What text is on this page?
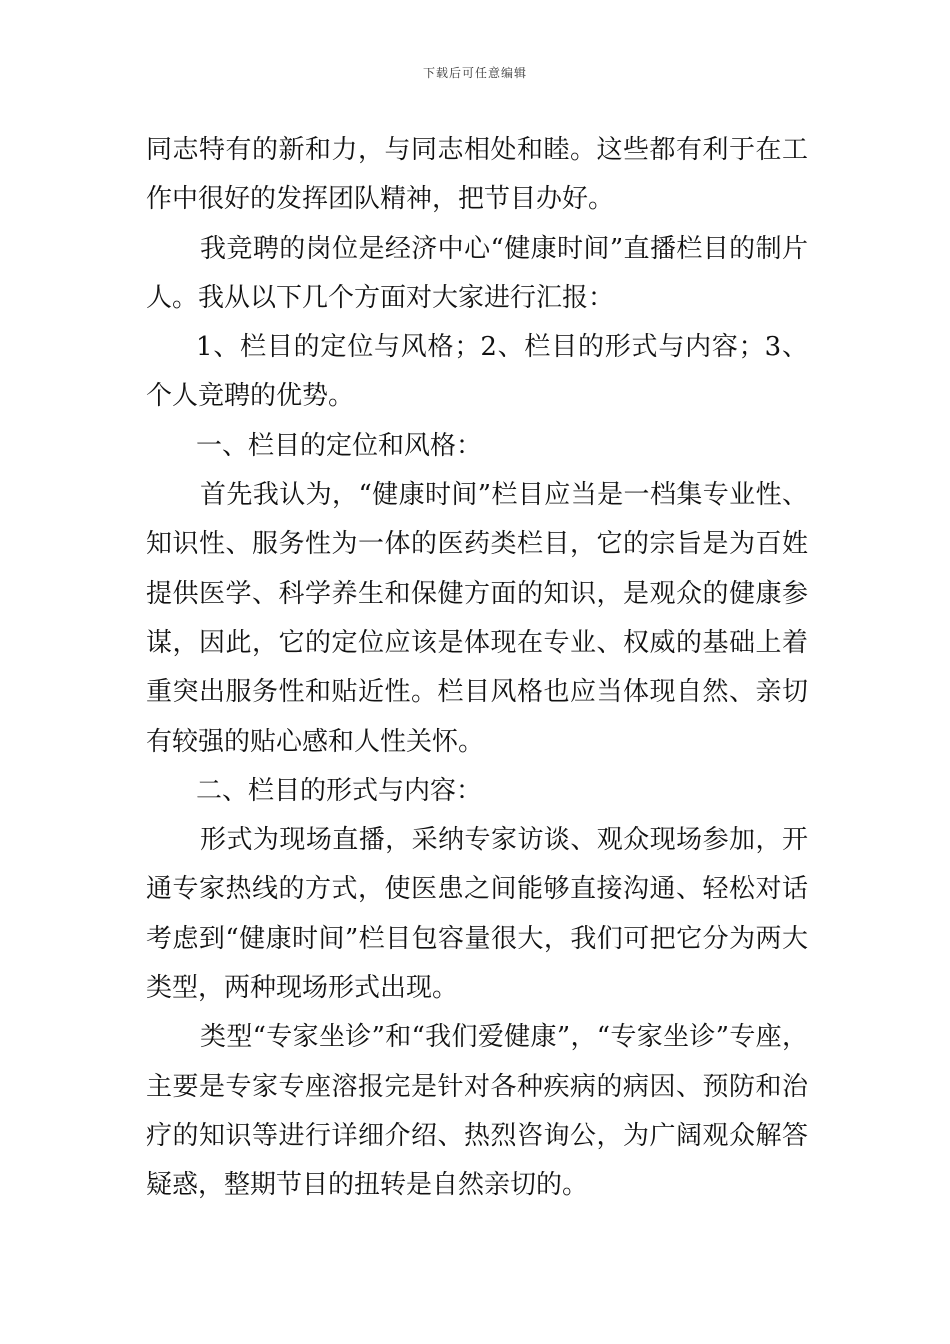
下载后可任意编辑

同志特有的新和力，与同志相处和睦。这些都有利于在工作中很好的发挥团队精神，把节目办好。

我竞聘的岗位是经济中心“健康时间”直播栏目的制片人。我从以下几个方面对大家进行汇报：

1、栏目的定位与风格；2、栏目的形式与内容；3、个人竞聘的优势。

一、栏目的定位和风格：

首先我认为，“健康时间”栏目应当是一档集专业性、知识性、服务性为一体的医药类栏目，它的宗旨是为百姓提供医学、科学养生和保健方面的知识，是观众的健康参谋，因此，它的定位应该是体现在专业、权威的基础上着重突出服务性和贴近性。栏目风格也应当体现自然、亲切有较强的贴心感和人性关怀。

二、栏目的形式与内容：

形式为现场直播，采纳专家访谈、观众现场参加，开通专家热线的方式，使医患之间能够直接沟通、轻松对话考虑到“健康时间”栏目包容量很大，我们可把它分为两大类型，两种现场形式出现。

类型“专家坐诊”和“我们爱健康”，“专家坐诊”专座，主要是专家专座溶报完是针对各种疾病的病因、预防和治疗的知识等进行详细介绍、热烈咨询公，为广阔观众解答疑惑，整期节目的扭转是自然亲切的。
